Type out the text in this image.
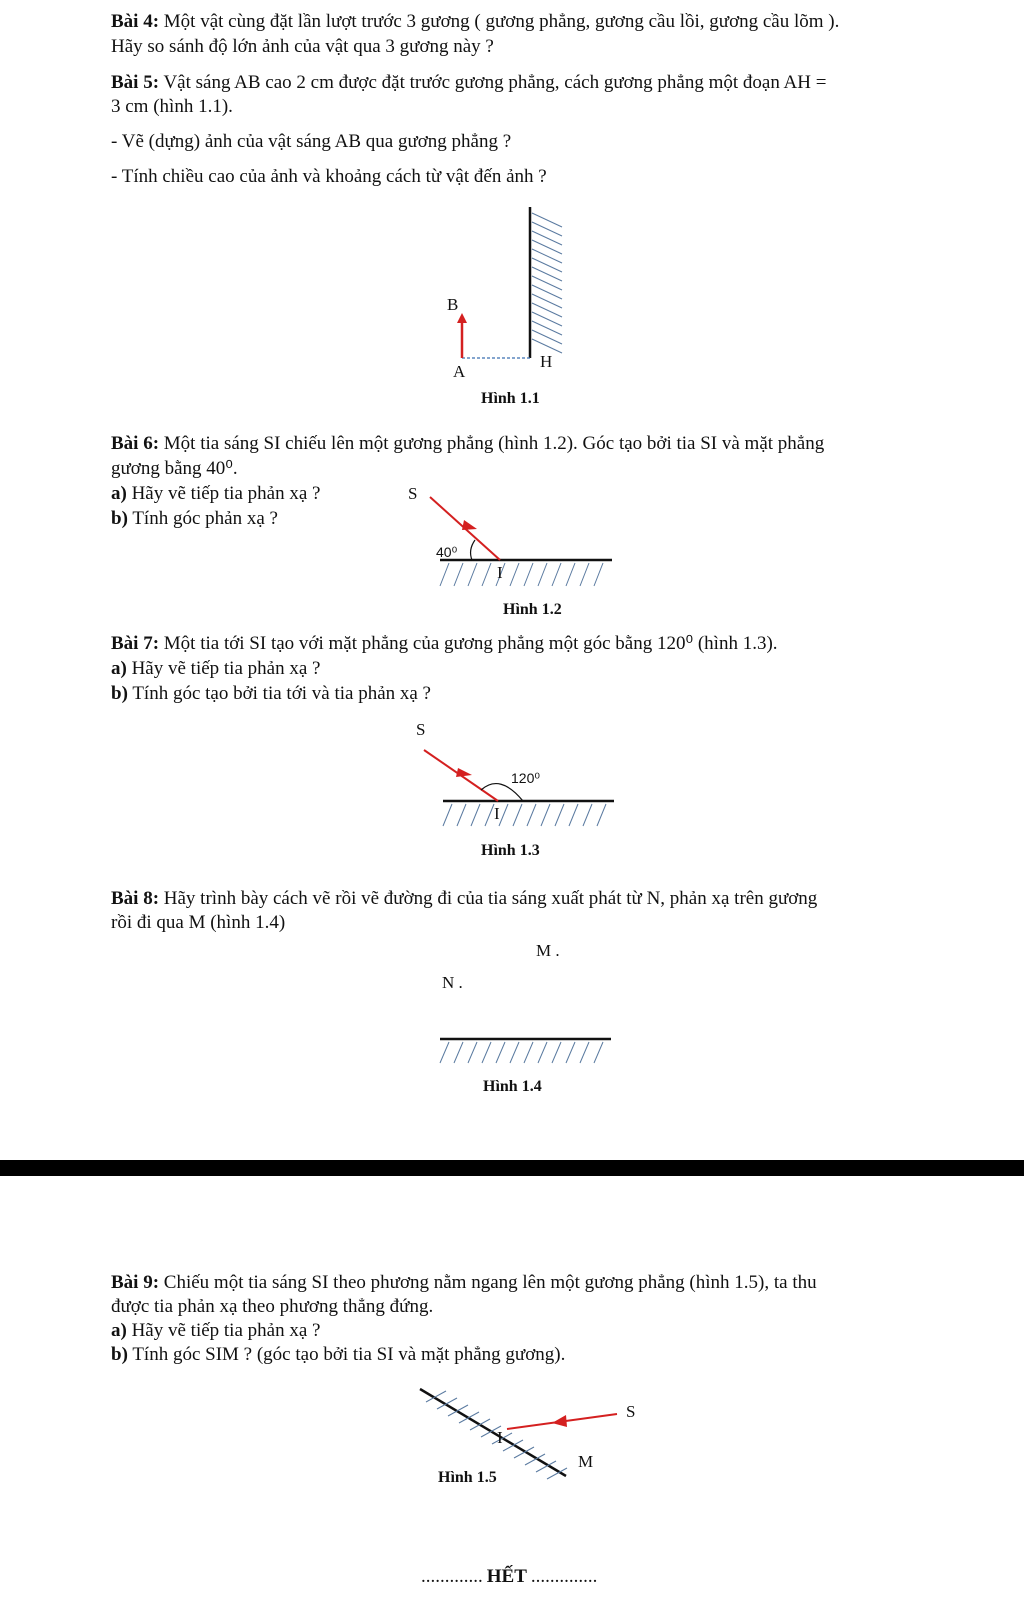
Bài 4: Một vật cùng đặt lần lượt trước 3 gương ( gương phẳng, gương cầu lồi, gương cầu lõm ).
Hãy so sánh độ lớn ảnh của vật qua 3 gương này ?
Bài 5: Vật sáng AB cao 2 cm được đặt trước gương phẳng, cách gương phẳng một đoạn AH =
3 cm (hình 1.1).
- Vẽ (dựng) ảnh của vật sáng AB qua gương phẳng ?
- Tính chiều cao của ảnh và khoảng cách từ vật đến ảnh ?
B
A
H
Hình 1.1
Bài 6: Một tia sáng SI chiếu lên một gương phẳng (hình 1.2). Góc tạo bởi tia SI và mặt phẳng
gương bằng 40⁰.
a) Hãy vẽ tiếp tia phản xạ ?
b) Tính góc phản xạ ?
S
40⁰
I
Hình 1.2
Bài 7: Một tia tới SI tạo với mặt phẳng của gương phẳng một góc bằng 120⁰ (hình 1.3).
a) Hãy vẽ tiếp tia phản xạ ?
b) Tính góc tạo bởi tia tới và tia phản xạ ?
S
120⁰
I
Hình 1.3
Bài 8: Hãy trình bày cách vẽ rồi vẽ đường đi của tia sáng xuất phát từ N, phản xạ trên gương
rồi đi qua M (hình 1.4)
M .
N .
Hình 1.4
Bài 9: Chiếu một tia sáng SI theo phương nằm ngang lên một gương phẳng (hình 1.5), ta thu
được tia phản xạ theo phương thẳng đứng.
a) Hãy vẽ tiếp tia phản xạ ?
b) Tính góc SIM ? (góc tạo bởi tia SI và mặt phẳng gương).
S
I
M
Hình 1.5
............. HẾT ..............
